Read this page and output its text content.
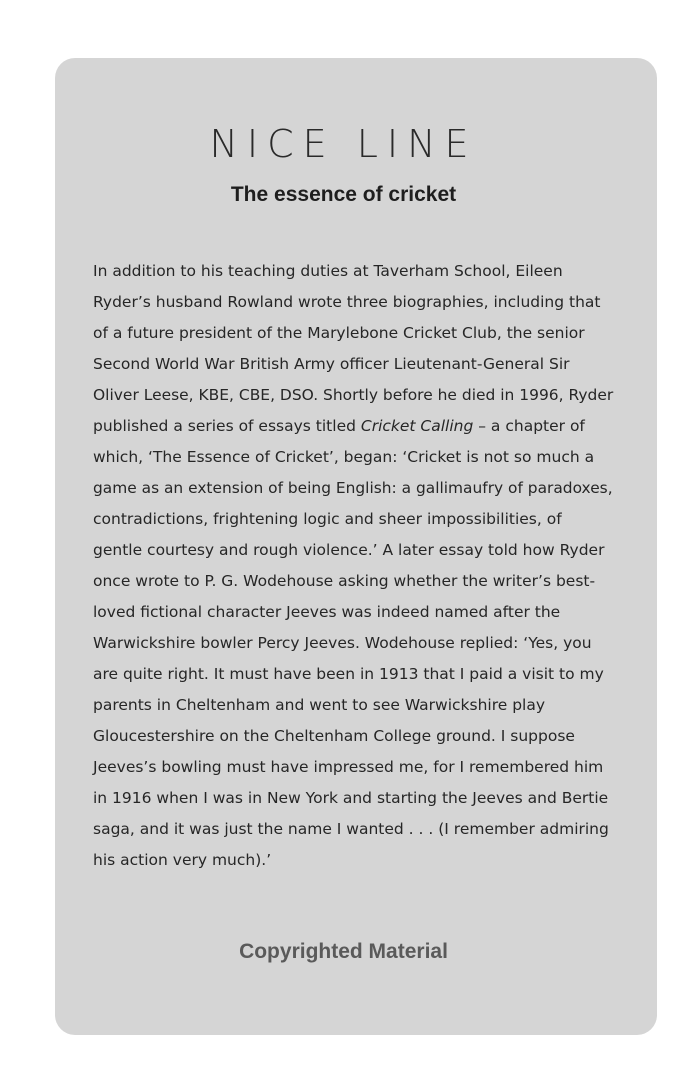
NICE LINE
The essence of cricket
In addition to his teaching duties at Taverham School, Eileen
Ryder’s husband Rowland wrote three biographies, including that
of a future president of the Marylebone Cricket Club, the senior
Second World War British Army officer Lieutenant-General Sir
Oliver Leese, KBE, CBE, DSO. Shortly before he died in 1996, Ryder
published a series of essays titled Cricket Calling – a chapter of
which, ‘The Essence of Cricket’, began: ‘Cricket is not so much a
game as an extension of being English: a gallimaufry of paradoxes,
contradictions, frightening logic and sheer impossibilities, of
gentle courtesy and rough violence.’ A later essay told how Ryder
once wrote to P. G. Wodehouse asking whether the writer’s best-
loved fictional character Jeeves was indeed named after the
Warwickshire bowler Percy Jeeves. Wodehouse replied: ‘Yes, you
are quite right. It must have been in 1913 that I paid a visit to my
parents in Cheltenham and went to see Warwickshire play
Gloucestershire on the Cheltenham College ground. I suppose
Jeeves’s bowling must have impressed me, for I remembered him
in 1916 when I was in New York and starting the Jeeves and Bertie
saga, and it was just the name I wanted . . . (I remember admiring
his action very much).’

Copyrighted Material
